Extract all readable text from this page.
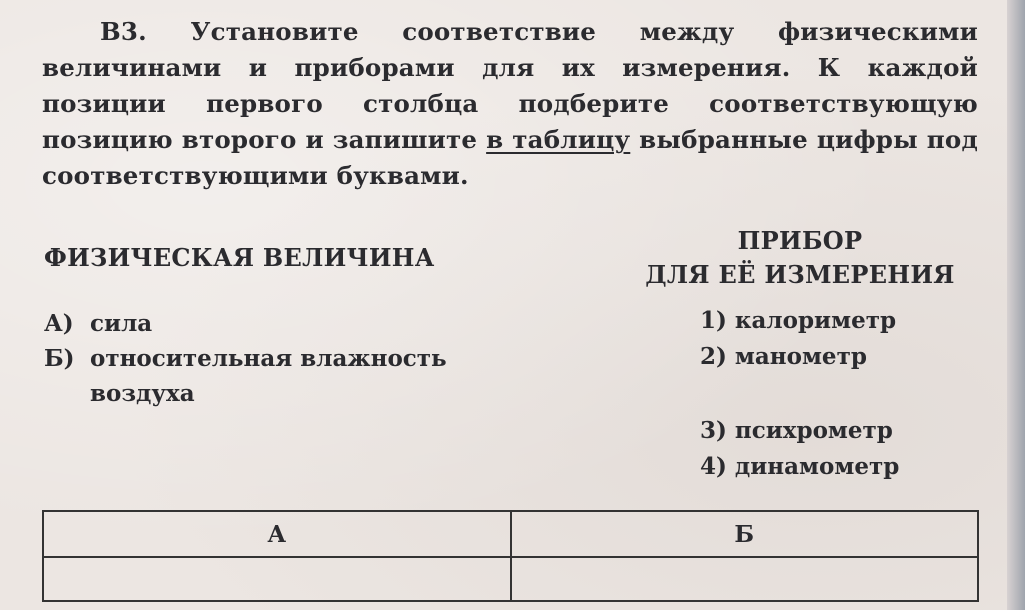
В3. Установите соответствие между физическими величинами и приборами для их измерения. К каждой позиции первого столбца подберите соответствующую позицию второго и запишите в таблицу выбранные цифры под соответствующими буквами.
ФИЗИЧЕСКАЯ ВЕЛИЧИНА
ПРИБОР
ДЛЯ ЕЁ ИЗМЕРЕНИЯ
А) сила
Б) относительная влажность
воздуха
1) калориметр
2) манометр
3) психрометр
4) динамометр
А	Б
